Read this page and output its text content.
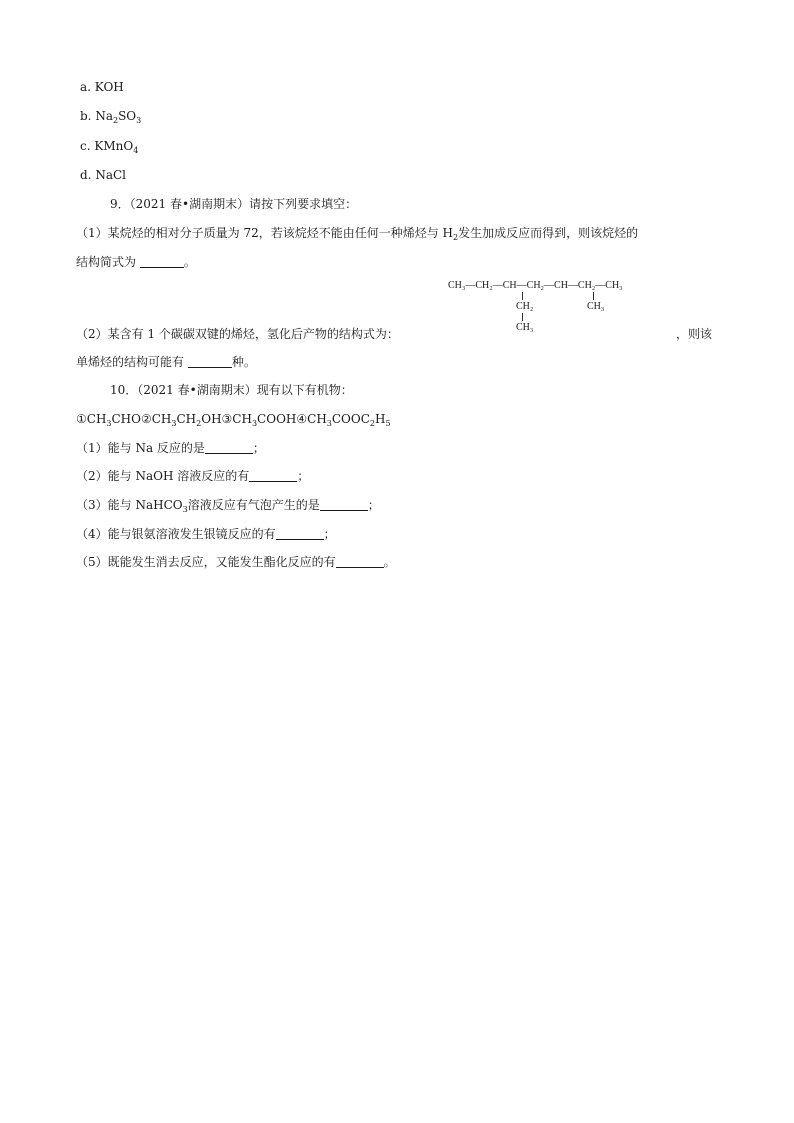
a. KOH
b. $Na_2SO_3$
c. KMnO$_4$
d. NaCl
9．（2021 春•湖南期末）请按下列要求填空：
（1）某烷烃的相对分子质量为 72，若该烷烃不能由任何一种烯烃与 $H_2$发生加成反应而得到，则该烷烃的
结构简式为	。
CH₃—CH₂—CH—CH₂—CH—CH₂—CH₃
CH₂
CH₃
CH₃
（2）某含有 1 个碳碳双键的烯烃，氢化后产物的结构式为：	，则该
单烯烃的结构可能有	种。
10．（2021 春•湖南期末）现有以下有机物：
$①CH_3CHO②CH_3CH_2OH③CH_3COOH④CH_3COOC_2H_5$
（1）能与 Na 反应的是	；
（2）能与 NaOH 溶液反应的有	；
（3）能与 NaHCO$_3$溶液反应有气泡产生的是	；
（4）能与银氨溶液发生银镜反应的有	；
（5）既能发生消去反应，又能发生酯化反应的有	。
